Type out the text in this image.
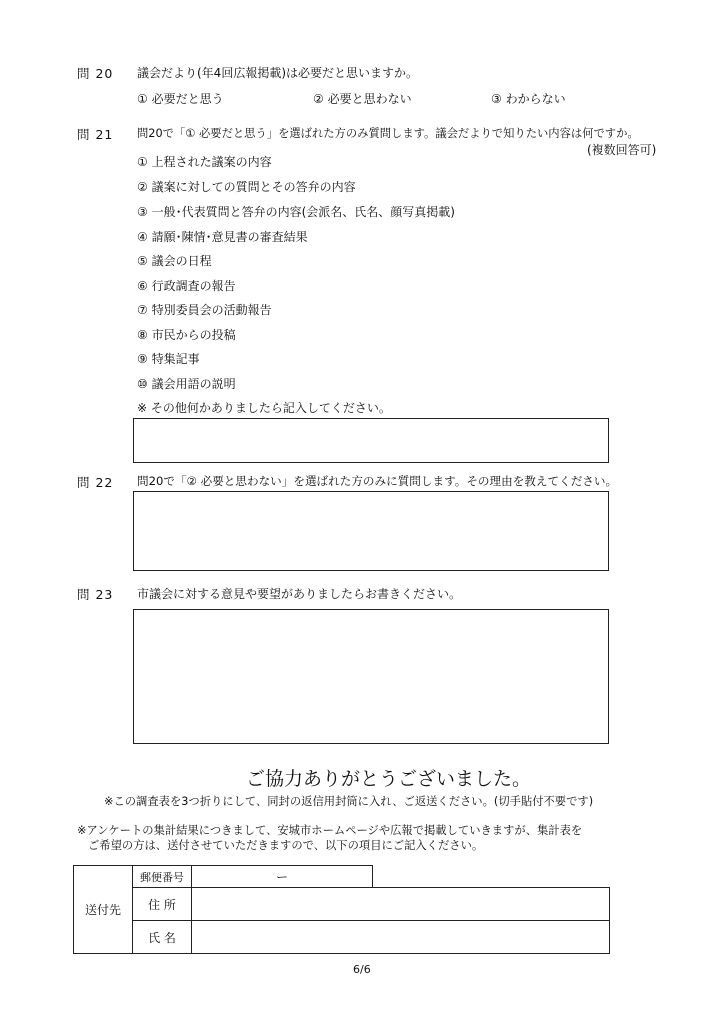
問 20 議会だより(年4回広報掲載)は必要だと思いますか。
① 必要だと思う	② 必要と思わない	③ わからない
問 21 問20で「① 必要だと思う」を選ばれた方のみ質問します。議会だよりで知りたい内容は何ですか。
(複数回答可)
① 上程された議案の内容
② 議案に対しての質問とその答弁の内容
③ 一般･代表質問と答弁の内容(会派名、氏名、顔写真掲載)
④ 請願･陳情･意見書の審査結果
⑤ 議会の日程
⑥ 行政調査の報告
⑦ 特別委員会の活動報告
⑧ 市民からの投稿
⑨ 特集記事
⑩ 議会用語の説明
※ その他何かありましたら記入してください。
問 22 問20で「② 必要と思わない」を選ばれた方のみに質問します。その理由を教えてください。
問 23 市議会に対する意見や要望がありましたらお書きください。
ご協力ありがとうございました。
※この調査表を3つ折りにして、同封の返信用封筒に入れ、ご返送ください。(切手貼付不要です)
※アンケートの集計結果につきまして、安城市ホームページや広報で掲載していきますが、集計表を
ご希望の方は、送付させていただきますので、以下の項目にご記入ください。
送付先	郵便番号	ー	
	住 所		
	氏 名		
6/6
